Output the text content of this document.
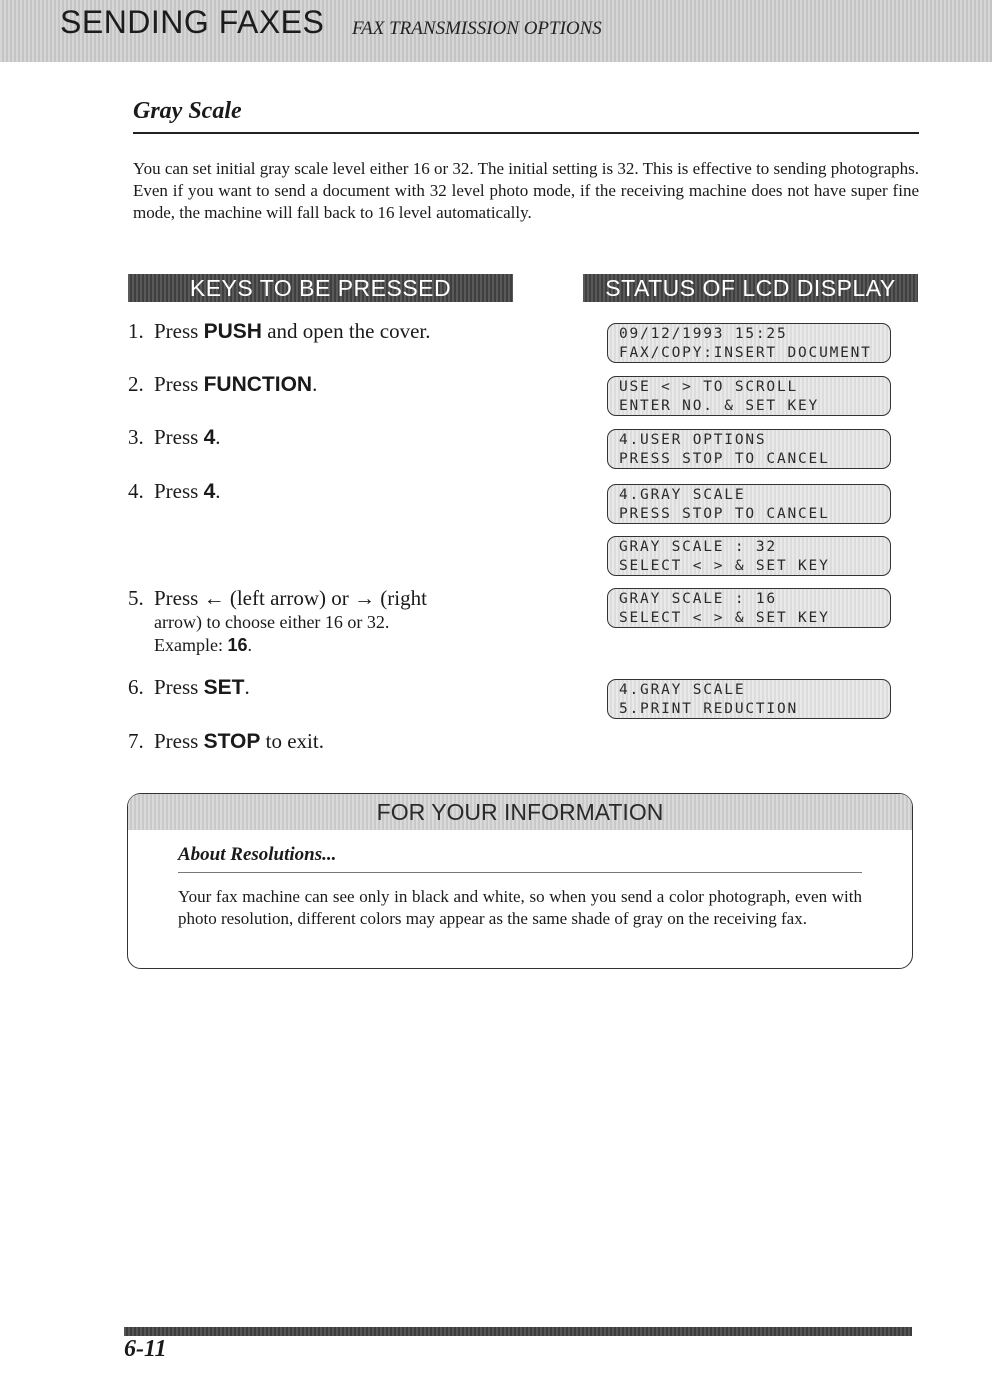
SENDING FAXES FAX TRANSMISSION OPTIONS
Gray Scale
You can set initial gray scale level either 16 or 32. The initial setting is 32. This is effective to sending photographs. Even if you want to send a document with 32 level photo mode, if the receiving machine does not have super fine mode, the machine will fall back to 16 level automatically.
KEYS TO BE PRESSED	STATUS OF LCD DISPLAY
1. Press PUSH and open the cover.
2. Press FUNCTION.
3. Press 4.
4. Press 4.
5. Press ← (left arrow) or → (right
arrow) to choose either 16 or 32.
Example: 16.
6. Press SET.
7. Press STOP to exit.
09/12/1993 15:25
FAX/COPY:INSERT DOCUMENT
USE < > TO SCROLL
ENTER NO. & SET KEY
4.USER OPTIONS
PRESS STOP TO CANCEL
4.GRAY SCALE
PRESS STOP TO CANCEL
GRAY SCALE : 32
SELECT < > & SET KEY
GRAY SCALE : 16
SELECT < > & SET KEY
4.GRAY SCALE
5.PRINT REDUCTION
FOR YOUR INFORMATION
About Resolutions...
Your fax machine can see only in black and white, so when you send a color photograph, even with photo resolution, different colors may appear as the same shade of gray on the receiving fax.
6-11
